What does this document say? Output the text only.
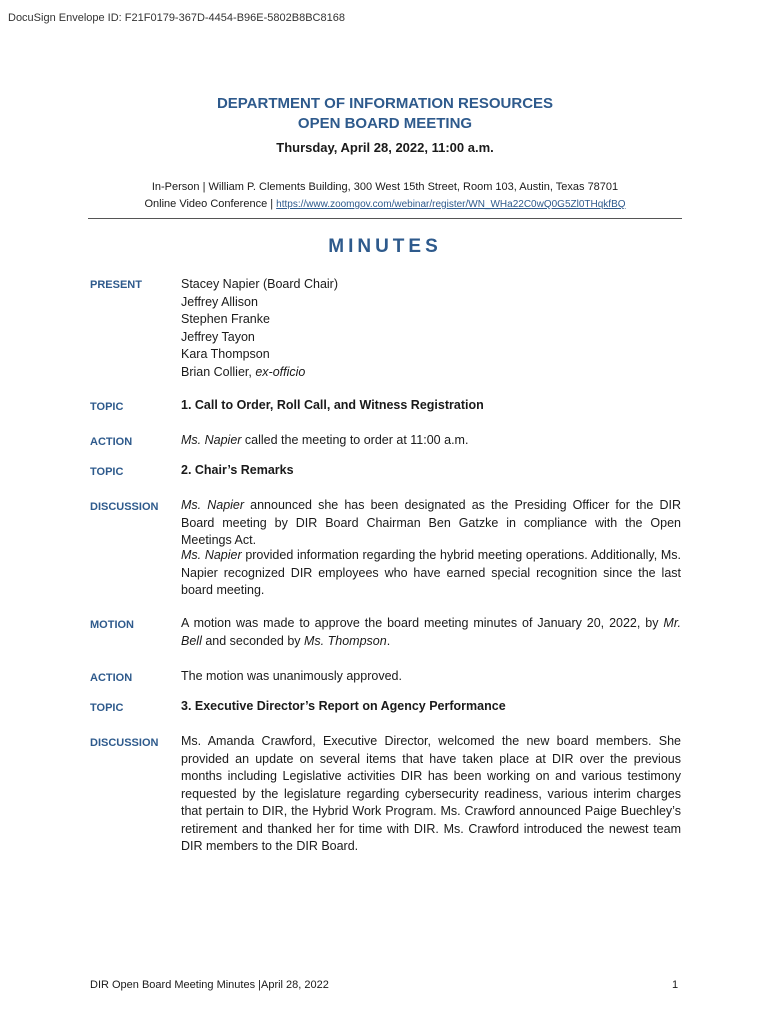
DocuSign Envelope ID: F21F0179-367D-4454-B96E-5802B8BC8168
DEPARTMENT OF INFORMATION RESOURCES
OPEN BOARD MEETING
Thursday, April 28, 2022, 11:00 a.m.
In-Person | William P. Clements Building, 300 West 15th Street, Room 103, Austin, Texas 78701
Online Video Conference | https://www.zoomgov.com/webinar/register/WN_WHa22C0wQ0G5Zl0THqkfBQ
MINUTES
PRESENT	Stacey Napier (Board Chair)
Jeffrey Allison
Stephen Franke
Jeffrey Tayon
Kara Thompson
Brian Collier, ex-officio
TOPIC	1. Call to Order, Roll Call, and Witness Registration
ACTION	Ms. Napier called the meeting to order at 11:00 a.m.
TOPIC	2. Chair’s Remarks
DISCUSSION Ms. Napier announced she has been designated as the Presiding Officer for the DIR Board meeting by DIR Board Chairman Ben Gatzke in compliance with the Open Meetings Act.
Ms. Napier provided information regarding the hybrid meeting operations. Additionally, Ms. Napier recognized DIR employees who have earned special recognition since the last board meeting.
MOTION	A motion was made to approve the board meeting minutes of January 20, 2022, by Mr. Bell and seconded by Ms. Thompson.
ACTION	The motion was unanimously approved.
TOPIC	3. Executive Director’s Report on Agency Performance
DISCUSSION Ms. Amanda Crawford, Executive Director, welcomed the new board members. She provided an update on several items that have taken place at DIR over the previous months including Legislative activities DIR has been working on and various testimony requested by the legislature regarding cybersecurity readiness, various interim charges that pertain to DIR, the Hybrid Work Program. Ms. Crawford announced Paige Buechley’s retirement and thanked her for time with DIR. Ms. Crawford introduced the newest team DIR members to the DIR Board.
DIR Open Board Meeting Minutes |April 28, 2022	1
